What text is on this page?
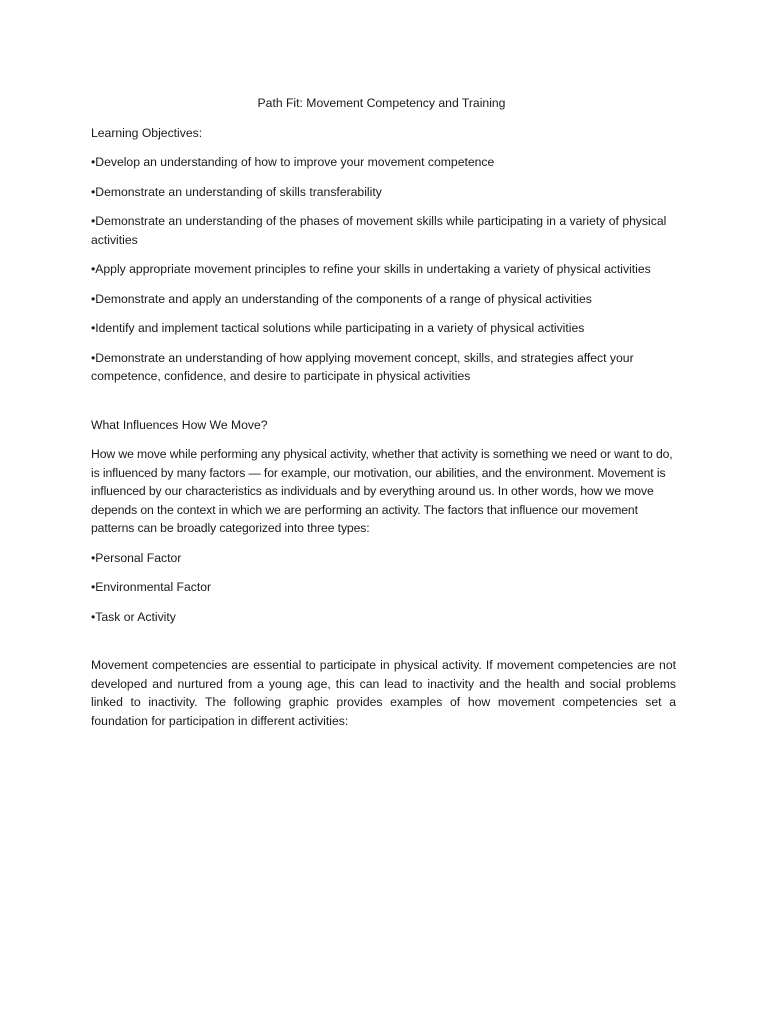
Path Fit: Movement Competency and Training
Learning Objectives:
•Develop an understanding of how to improve your movement competence
•Demonstrate an understanding of skills transferability
•Demonstrate an understanding of the phases of movement skills while participating in a variety of physical activities
•Apply appropriate movement principles to refine your skills in undertaking a variety of physical activities
•Demonstrate and apply an understanding of the components of a range of physical activities
•Identify and implement tactical solutions while participating in a variety of physical activities
•Demonstrate an understanding of how applying movement concept, skills, and strategies affect your competence, confidence, and desire to participate in physical activities
What Influences How We Move?
How we move while performing any physical activity, whether that activity is something we need or want to do, is influenced by many factors — for example, our motivation, our abilities, and the environment. Movement is influenced by our characteristics as individuals and by everything around us. In other words, how we move depends on the context in which we are performing an activity. The factors that influence our movement patterns can be broadly categorized into three types:
•Personal Factor
•Environmental Factor
•Task or Activity
Movement competencies are essential to participate in physical activity. If movement competencies are not developed and nurtured from a young age, this can lead to inactivity and the health and social problems linked to inactivity. The following graphic provides examples of how movement competencies set a foundation for participation in different activities:
